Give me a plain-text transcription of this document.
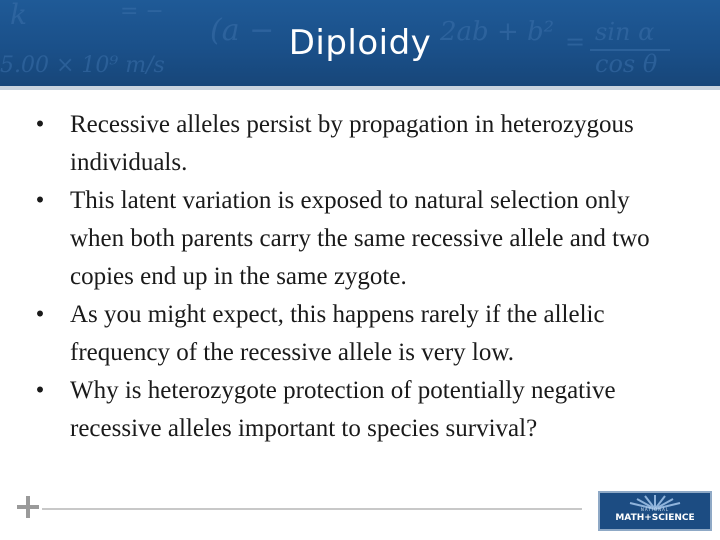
k	= −
(a −	2ab + b² = sin α
cos θ
5.00 × 10⁹ m/s
Diploidy
• Recessive alleles persist by propagation in heterozygous individuals.
• This latent variation is exposed to natural selection only when both parents carry the same recessive allele and two copies end up in the same zygote.
• As you might expect, this happens rarely if the allelic frequency of the recessive allele is very low.
• Why is heterozygote protection of potentially negative recessive alleles important to species survival?
NATIONAL
MATH+SCIENCE
